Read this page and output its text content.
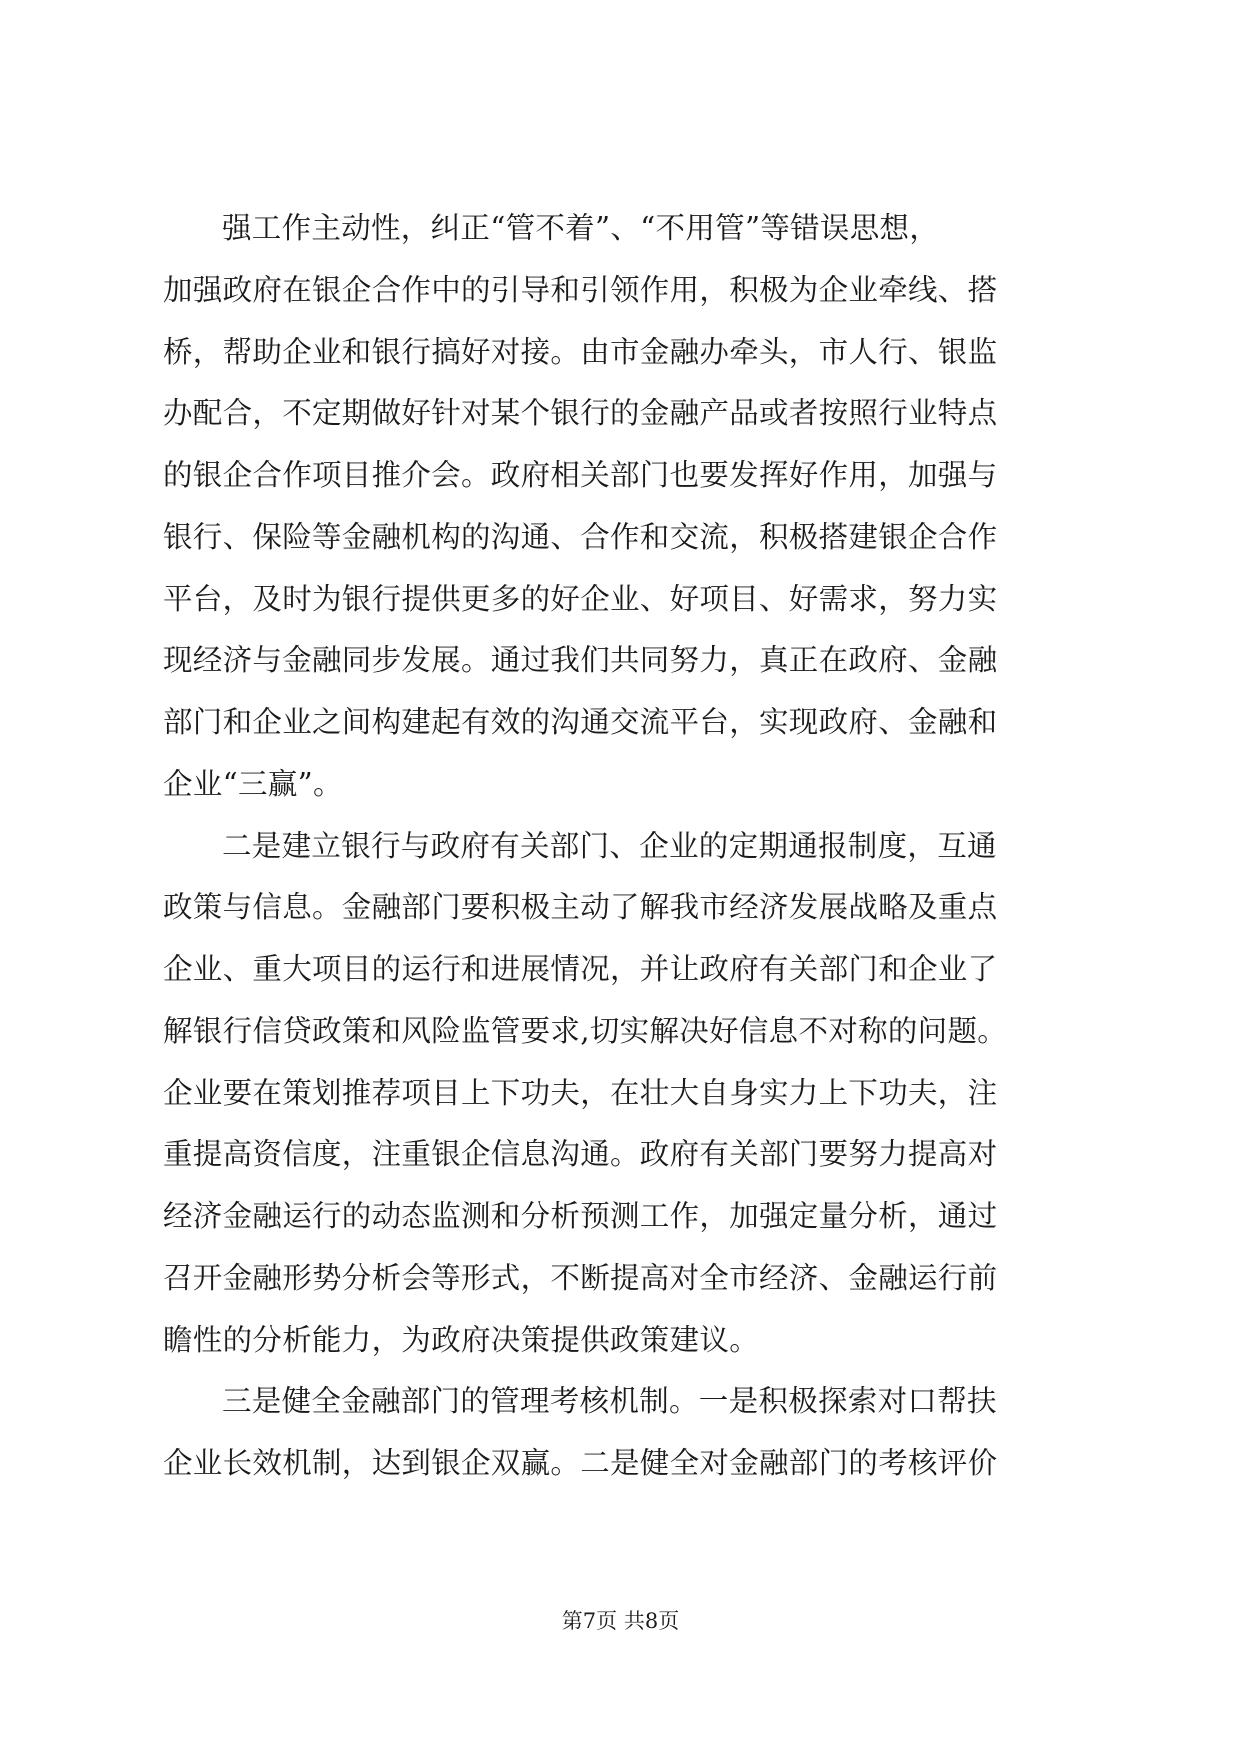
强工作主动性，纠正“管不着”、“不用管”等错误思想，
加强政府在银企合作中的引导和引领作用，积极为企业牵线、搭
桥，帮助企业和银行搞好对接。由市金融办牵头，市人行、银监
办配合，不定期做好针对某个银行的金融产品或者按照行业特点
的银企合作项目推介会。政府相关部门也要发挥好作用，加强与
银行、保险等金融机构的沟通、合作和交流，积极搭建银企合作
平台，及时为银行提供更多的好企业、好项目、好需求，努力实
现经济与金融同步发展。通过我们共同努力，真正在政府、金融
部门和企业之间构建起有效的沟通交流平台，实现政府、金融和
企业“三赢”。
二是建立银行与政府有关部门、企业的定期通报制度，互通
政策与信息。金融部门要积极主动了解我市经济发展战略及重点
企业、重大项目的运行和进展情况，并让政府有关部门和企业了
解银行信贷政策和风险监管要求,切实解决好信息不对称的问题。
企业要在策划推荐项目上下功夫，在壮大自身实力上下功夫，注
重提高资信度，注重银企信息沟通。政府有关部门要努力提高对
经济金融运行的动态监测和分析预测工作，加强定量分析，通过
召开金融形势分析会等形式，不断提高对全市经济、金融运行前
瞻性的分析能力，为政府决策提供政策建议。
三是健全金融部门的管理考核机制。一是积极探索对口帮扶
企业长效机制，达到银企双赢。二是健全对金融部门的考核评价
第7页 共8页
